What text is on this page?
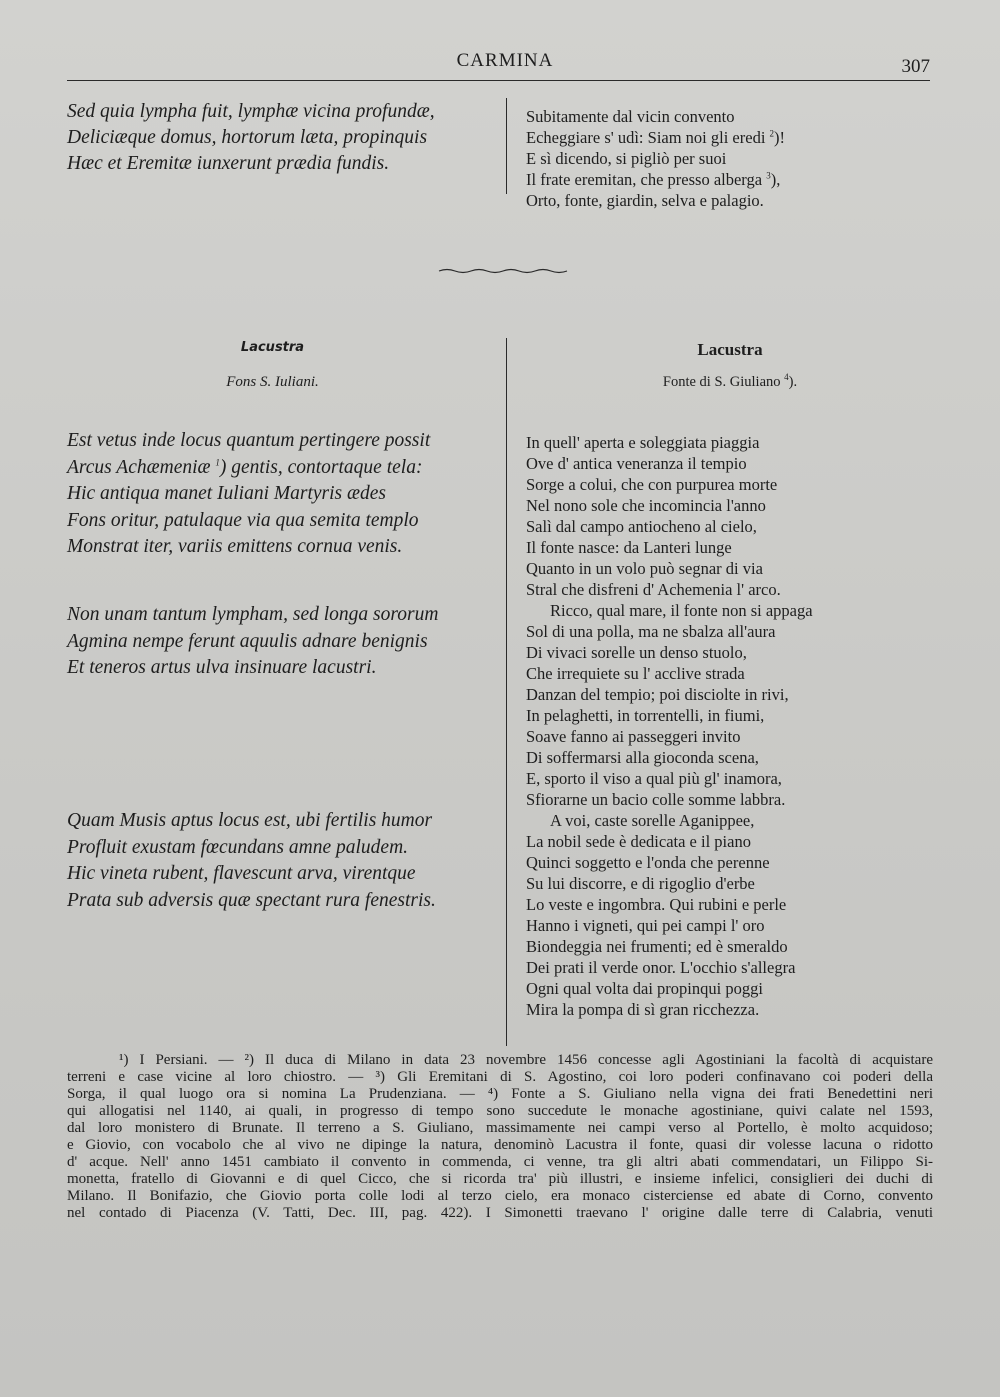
CARMINA	307
Sed quia lympha fuit, lymphæ vicina profundæ,
Deliciæque domus, hortorum læta, propinquis
Hæc et Eremitæ iunxerunt prædia fundis.
Subitamente dal vicin convento
Echeggiare s' udì: Siam noi gli eredi $^2$)!
E sì dicendo, si pigliò per suoi
Il frate eremitan, che presso alberga $^3$),
Orto, fonte, giardin, selva e palagio.
Lacustra
Fons S. Iuliani.
Lacustra
Fonte di S. Giuliano $^4$).
Est vetus inde locus quantum pertingere possit
Arcus Achæmeniæ $^1$) gentis, contortaque tela:
Hic antiqua manet Iuliani Martyris ædes
Fons oritur, patulaque via qua semita templo
Monstrat iter, variis emittens cornua venis.
Non unam tantum lympham, sed longa sororum
Agmina nempe ferunt aquulis adnare benignis
Et teneros artus ulva insinuare lacustri.
Quam Musis aptus locus est, ubi fertilis humor
Profluit exustam fœcundans amne paludem.
Hic vineta rubent, flavescunt arva, virentque
Prata sub adversis quæ spectant rura fenestris.
In quell' aperta e soleggiata piaggia
Ove d' antica veneranza il tempio
Sorge a colui, che con purpurea morte
Nel nono sole che incomincia l'anno
Salì dal campo antiocheno al cielo,
Il fonte nasce: da Lanteri lunge
Quanto in un volo può segnar di via
Stral che disfreni d' Achemenia l' arco.
Ricco, qual mare, il fonte non si appaga
Sol di una polla, ma ne sbalza all'aura
Di vivaci sorelle un denso stuolo,
Che irrequiete su l' acclive strada
Danzan del tempio; poi disciolte in rivi,
In pelaghetti, in torrentelli, in fiumi,
Soave fanno ai passeggeri invito
Di soffermarsi alla gioconda scena,
E, sporto il viso a qual più gl' inamora,
Sfiorarne un bacio colle somme labbra.
A voi, caste sorelle Aganippee,
La nobil sede è dedicata e il piano
Quinci soggetto e l'onda che perenne
Su lui discorre, e di rigoglio d'erbe
Lo veste e ingombra. Qui rubini e perle
Hanno i vigneti, qui pei campi l' oro
Biondeggia nei frumenti; ed è smeraldo
Dei prati il verde onor. L'occhio s'allegra
Ogni qual volta dai propinqui poggi
Mira la pompa di sì gran ricchezza.
¹) I Persiani. — ²) Il duca di Milano in data 23 novembre 1456 concesse agli Agostiniani la facoltà di acquistare
terreni e case vicine al loro chiostro. — ³) Gli Eremitani di S. Agostino, coi loro poderi confinavano coi poderi della
Sorga, il qual luogo ora si nomina La Prudenziana. — ⁴) Fonte a S. Giuliano nella vigna dei frati Benedettini neri
qui allogatisi nel 1140, ai quali, in progresso di tempo sono succedute le monache agostiniane, quivi calate nel 1593,
dal loro monistero di Brunate. Il terreno a S. Giuliano, massimamente nei campi verso al Portello, è molto acquidoso;
e Giovio, con vocabolo che al vivo ne dipinge la natura, denominò Lacustra il fonte, quasi dir volesse lacuna o ridotto
d' acque. Nell' anno 1451 cambiato il convento in commenda, ci venne, tra gli altri abati commendatari, un Filippo Si-
monetta, fratello di Giovanni e di quel Cicco, che si ricorda tra' più illustri, e insieme infelici, consiglieri dei duchi di
Milano. Il Bonifazio, che Giovio porta colle lodi al terzo cielo, era monaco cisterciense ed abate di Corno, convento
nel contado di Piacenza (V. Tatti, Dec. III, pag. 422). I Simonetti traevano l' origine dalle terre di Calabria, venuti
